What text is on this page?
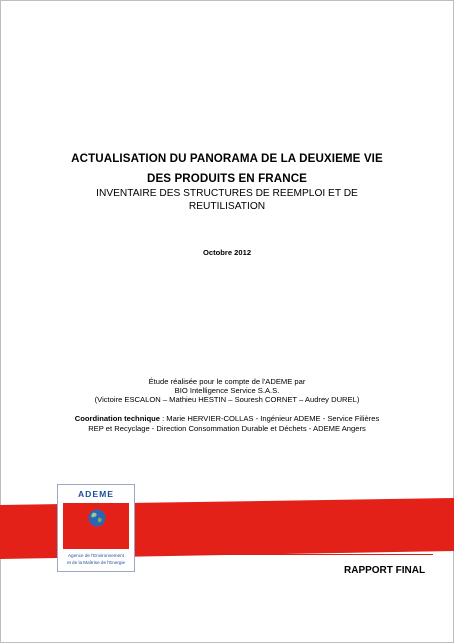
ACTUALISATION DU PANORAMA DE LA DEUXIEME VIE
DES PRODUITS EN FRANCE
INVENTAIRE DES STRUCTURES DE REEMPLOI ET DE
REUTILISATION
Octobre 2012
Étude réalisée pour le compte de l'ADEME par
BIO Intelligence Service S.A.S.
(Victoire ESCALON – Mathieu HESTIN – Souresh CORNET – Audrey DUREL)
Coordination technique : Marie HERVIER-COLLAS - Ingénieur ADEME - Service Filières
REP et Recyclage - Direction Consommation Durable et Déchets - ADEME Angers
ADEME
Agence de l'Environnement
et de la Maîtrise de l'Energie
RAPPORT FINAL
